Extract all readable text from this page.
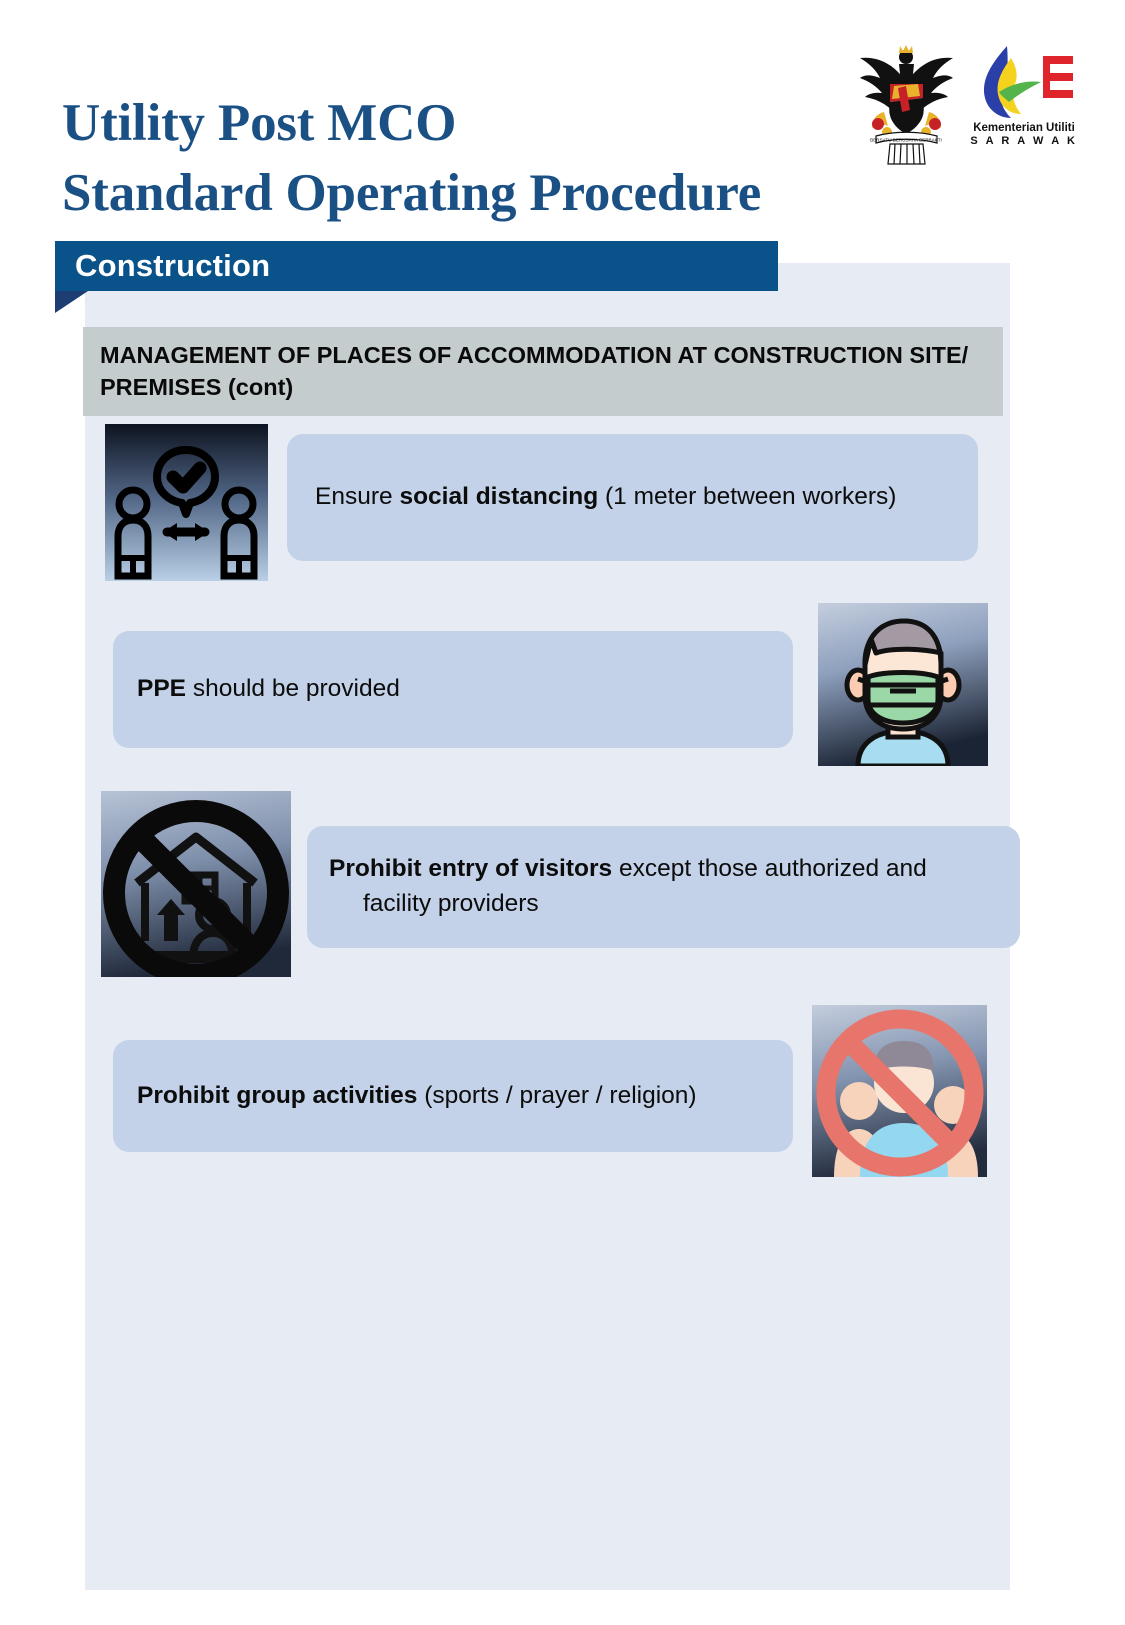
Utility Post MCO
Standard Operating Procedure
BERSATU BERUSAHA BERBAKTI
Kementerian Utiliti
S A R A W A K
Construction
MANAGEMENT OF PLACES OF ACCOMMODATION AT CONSTRUCTION SITE/ PREMISES (cont)
Ensure social distancing (1 meter between workers)
PPE should be provided
Prohibit entry of visitors except those authorized and
facility providers
Prohibit group activities (sports / prayer / religion)
